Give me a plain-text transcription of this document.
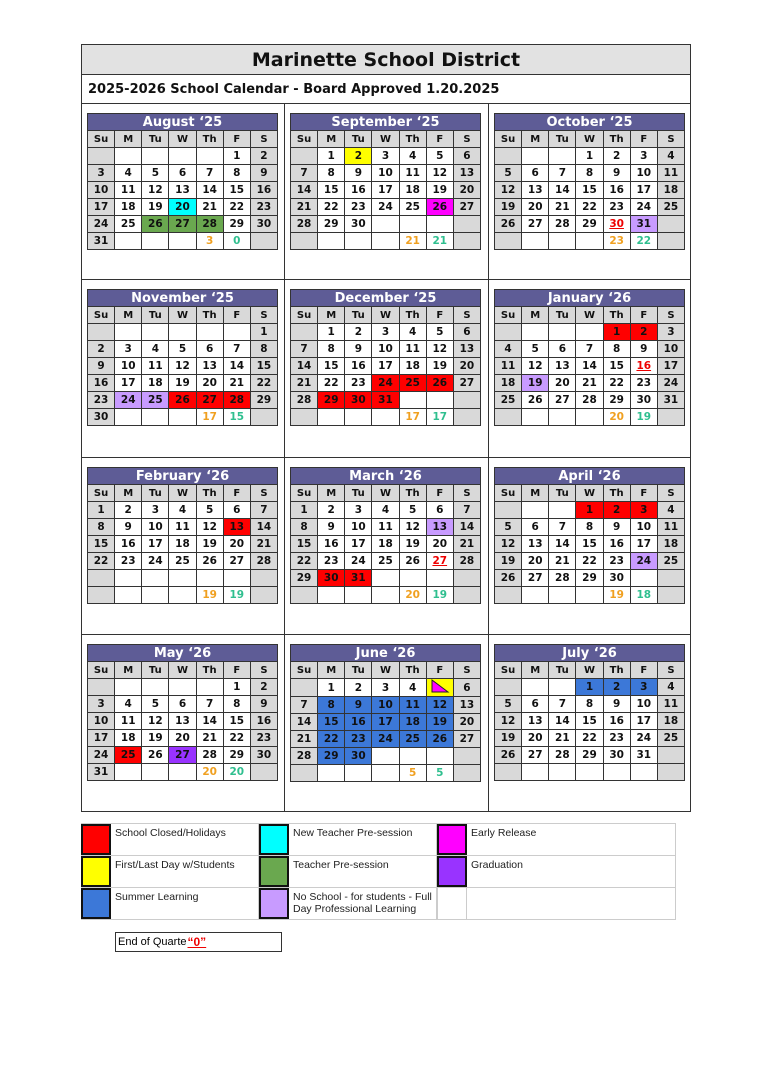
Marinette School District
2025-2026 School Calendar - Board Approved 1.20.2025
August ‘25						
Su	M	Tu	W	Th	F	S
					1	2
3	4	5	6	7	8	9
10	11	12	13	14	15	16
17	18	19	20	21	22	23
24	25	26	27	28	29	30
31				3	0	
September ‘25						
Su	M	Tu	W	Th	F	S
	1	2	3	4	5	6
7	8	9	10	11	12	13
14	15	16	17	18	19	20
21	22	23	24	25	26	27
28	29	30				
				21	21	
October ‘25						
Su	M	Tu	W	Th	F	S
			1	2	3	4
5	6	7	8	9	10	11
12	13	14	15	16	17	18
19	20	21	22	23	24	25
26	27	28	29	30	31	
				23	22	
November ‘25						
Su	M	Tu	W	Th	F	S
						1
2	3	4	5	6	7	8
9	10	11	12	13	14	15
16	17	18	19	20	21	22
23	24	25	26	27	28	29
30				17	15	
December ‘25						
Su	M	Tu	W	Th	F	S
	1	2	3	4	5	6
7	8	9	10	11	12	13
14	15	16	17	18	19	20
21	22	23	24	25	26	27
28	29	30	31			
				17	17	
January ‘26						
Su	M	Tu	W	Th	F	S
				1	2	3
4	5	6	7	8	9	10
11	12	13	14	15	16	17
18	19	20	21	22	23	24
25	26	27	28	29	30	31
				20	19	
February ‘26						
Su	M	Tu	W	Th	F	S
1	2	3	4	5	6	7
8	9	10	11	12	13	14
15	16	17	18	19	20	21
22	23	24	25	26	27	28

				19	19	
March ‘26						
Su	M	Tu	W	Th	F	S
1	2	3	4	5	6	7
8	9	10	11	12	13	14
15	16	17	18	19	20	21
22	23	24	25	26	27	28
29	30	31				
				20	19	
April ‘26						
Su	M	Tu	W	Th	F	S
			1	2	3	4
5	6	7	8	9	10	11
12	13	14	15	16	17	18
19	20	21	22	23	24	25
26	27	28	29	30		
				19	18	
May ‘26						
Su	M	Tu	W	Th	F	S
					1	2
3	4	5	6	7	8	9
10	11	12	13	14	15	16
17	18	19	20	21	22	23
24	25	26	27	28	29	30
31				20	20	
June ‘26						
Su	M	Tu	W	Th	F	S
	1	2	3	4		6
7	8	9	10	11	12	13
14	15	16	17	18	19	20
21	22	23	24	25	26	27
28	29	30				
				5	5	
July ‘26						
Su	M	Tu	W	Th	F	S
			1	2	3	4
5	6	7	8	9	10	11
12	13	14	15	16	17	18
19	20	21	22	23	24	25
26	27	28	29	30	31	

School Closed/Holidays	New Teacher Pre-session	Early Release
First/Last Day w/Students	Teacher Pre-session	Graduation
Summer Learning	No School - for students - Full Day Professional Learning
End of Quarte “0”
